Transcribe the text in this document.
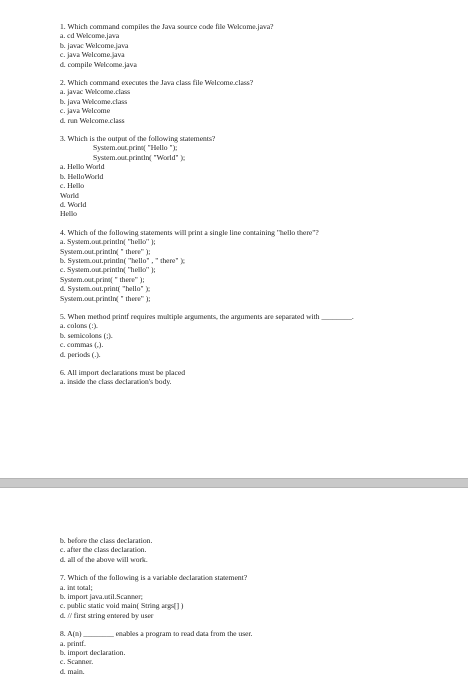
1. Which command compiles the Java source code file Welcome.java?
a. cd Welcome.java
b. javac Welcome.java
c. java Welcome.java
d. compile Welcome.java
2. Which command executes the Java class file Welcome.class?
a. javac Welcome.class
b. java Welcome.class
c. java Welcome
d. run Welcome.class
3. Which is the output of the following statements?
System.out.print( "Hello ");
System.out.println( "World" );
a. Hello World
b. HelloWorld
c. Hello
World
d. World
Hello
4. Which of the following statements will print a single line containing "hello there"?
a. System.out.println( "hello" );
System.out.println( " there" );
b. System.out.println( "hello" , " there" );
c. System.out.println( "hello" );
System.out.print( " there" );
d. System.out.print( "hello" );
System.out.println( " there" );
5. When method printf requires multiple arguments, the arguments are separated with ________.
a. colons (:).
b. semicolons (;).
c. commas (,).
d. periods (.).
6. All import declarations must be placed
a. inside the class declaration's body.
b. before the class declaration.
c. after the class declaration.
d. all of the above will work.
7. Which of the following is a variable declaration statement?
a. int total;
b. import java.util.Scanner;
c. public static void main( String args[] )
d. // first string entered by user
8. A(n) ________ enables a program to read data from the user.
a. printf.
b. import declaration.
c. Scanner.
d. main.
